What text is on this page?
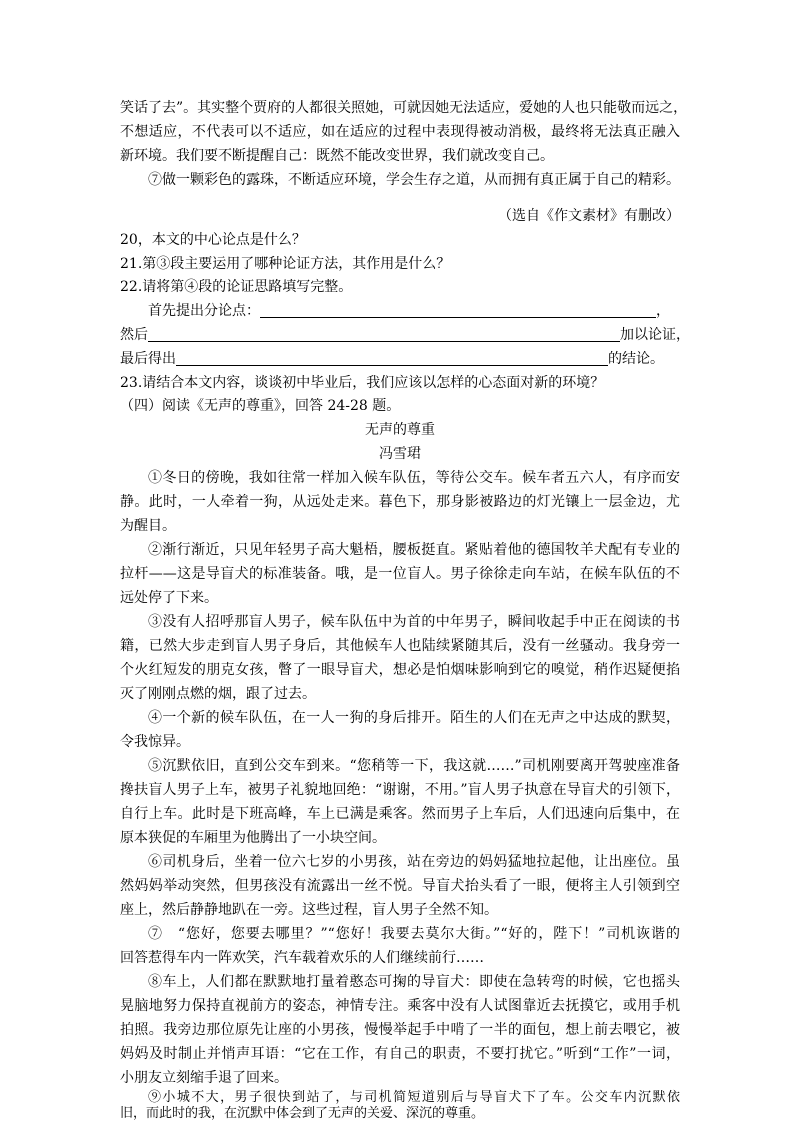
笑话了去”。其实整个贾府的人都很关照她，可就因她无法适应，爱她的人也只能敬而远之，
不想适应，不代表可以不适应，如在适应的过程中表现得被动消极，最终将无法真正融入
新环境。我们要不断提醒自己：既然不能改变世界，我们就改变自己。
⑦做一颗彩色的露珠，不断适应环境，学会生存之道，从而拥有真正属于自己的精彩。
（选自《作文素材》有删改）
20，本文的中心论点是什么？
21.第③段主要运用了哪种论证方法，其作用是什么？
22.请将第④段的论证思路填写完整。
首先提出分论点：	，
然后	加以论证，
最后得出	的结论。
23.请结合本文内容，谈谈初中毕业后，我们应该以怎样的心态面对新的环境？
（四）阅读《无声的尊重》，回答 24-28 题。
无声的尊重
冯雪珺
①冬日的傍晚，我如往常一样加入候车队伍，等待公交车。候车者五六人，有序而安
静。此时，一人牵着一狗，从远处走来。暮色下，那身影被路边的灯光镶上一层金边，尤
为醒目。
②渐行渐近，只见年轻男子高大魁梧，腰板挺直。紧贴着他的德国牧羊犬配有专业的
拉杆——这是导盲犬的标准装备。哦，是一位盲人。男子徐徐走向车站，在候车队伍的不
远处停了下来。
③没有人招呼那盲人男子，候车队伍中为首的中年男子，瞬间收起手中正在阅读的书
籍，已然大步走到盲人男子身后，其他候车人也陆续紧随其后，没有一丝骚动。我身旁一
个火红短发的朋克女孩，瞥了一眼导盲犬，想必是怕烟味影响到它的嗅觉，稍作迟疑便掐
灭了刚刚点燃的烟，跟了过去。
④一个新的候车队伍，在一人一狗的身后排开。陌生的人们在无声之中达成的默契，
令我惊异。
⑤沉默依旧，直到公交车到来。“您稍等一下，我这就……”司机刚要离开驾驶座准备
搀扶盲人男子上车，被男子礼貌地回绝：“谢谢，不用。”盲人男子执意在导盲犬的引领下，
自行上车。此时是下班高峰，车上已满是乘客。然而男子上车后，人们迅速向后集中，在
原本狭促的车厢里为他腾出了一小块空间。
⑥司机身后，坐着一位六七岁的小男孩，站在旁边的妈妈猛地拉起他，让出座位。虽
然妈妈举动突然，但男孩没有流露出一丝不悦。导盲犬抬头看了一眼，便将主人引领到空
座上，然后静静地趴在一旁。这些过程，盲人男子全然不知。
⑦　“您好，您要去哪里？”“您好！我要去莫尔大街。”“好的，陛下！”司机诙谐的
回答惹得车内一阵欢笑，汽车载着欢乐的人们继续前行……
⑧车上，人们都在默默地打量着憨态可掬的导盲犬：即使在急转弯的时候，它也摇头
晃脑地努力保持直视前方的姿态，神情专注。乘客中没有人试图靠近去抚摸它，或用手机
拍照。我旁边那位原先让座的小男孩，慢慢举起手中啃了一半的面包，想上前去喂它，被
妈妈及时制止并悄声耳语：“它在工作，有自己的职责，不要打扰它。”听到“工作”一词，
小朋友立刻缩手退了回来。
⑨小城不大，男子很快到站了，与司机简短道别后与导盲犬下了车。公交车内沉默依
旧，而此时的我，在沉默中体会到了无声的关爱、深沉的尊重。
